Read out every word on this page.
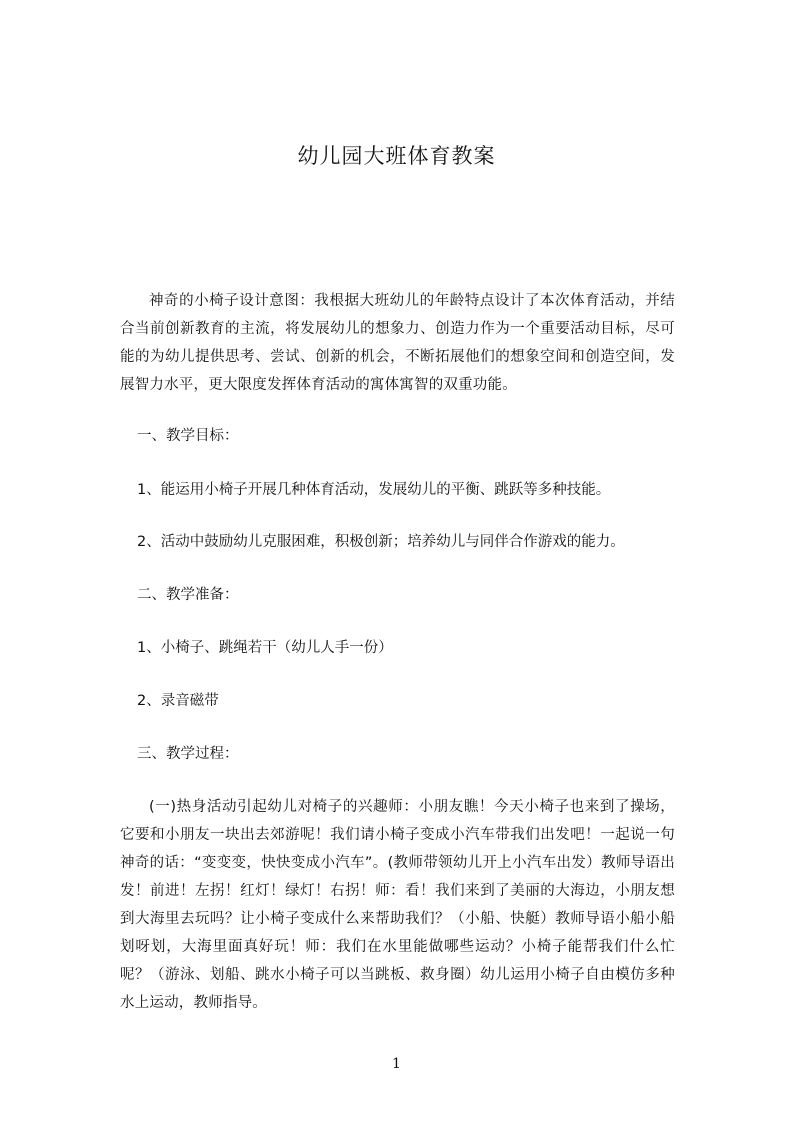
幼儿园大班体育教案

神奇的小椅子设计意图：我根据大班幼儿的年龄特点设计了本次体育活动，并结合当前创新教育的主流，将发展幼儿的想象力、创造力作为一个重要活动目标，尽可能的为幼儿提供思考、尝试、创新的机会，不断拓展他们的想象空间和创造空间，发展智力水平，更大限度发挥体育活动的寓体寓智的双重功能。

一、教学目标：

1、能运用小椅子开展几种体育活动，发展幼儿的平衡、跳跃等多种技能。

2、活动中鼓励幼儿克服困难，积极创新；培养幼儿与同伴合作游戏的能力。

二、教学准备：

1、小椅子、跳绳若干（幼儿人手一份）

2、录音磁带

三、教学过程：

(一)热身活动引起幼儿对椅子的兴趣师：小朋友瞧！今天小椅子也来到了操场，它要和小朋友一块出去郊游呢！我们请小椅子变成小汽车带我们出发吧！一起说一句神奇的话：“变变变，快快变成小汽车”。(教师带领幼儿开上小汽车出发）教师导语出发！前进！左拐！红灯！绿灯！右拐！师：看！我们来到了美丽的大海边，小朋友想到大海里去玩吗？让小椅子变成什么来帮助我们？（小船、快艇）教师导语小船小船划呀划，大海里面真好玩！师：我们在水里能做哪些运动？小椅子能帮我们什么忙呢？（游泳、划船、跳水小椅子可以当跳板、救身圈）幼儿运用小椅子自由模仿多种水上运动，教师指导。

1
